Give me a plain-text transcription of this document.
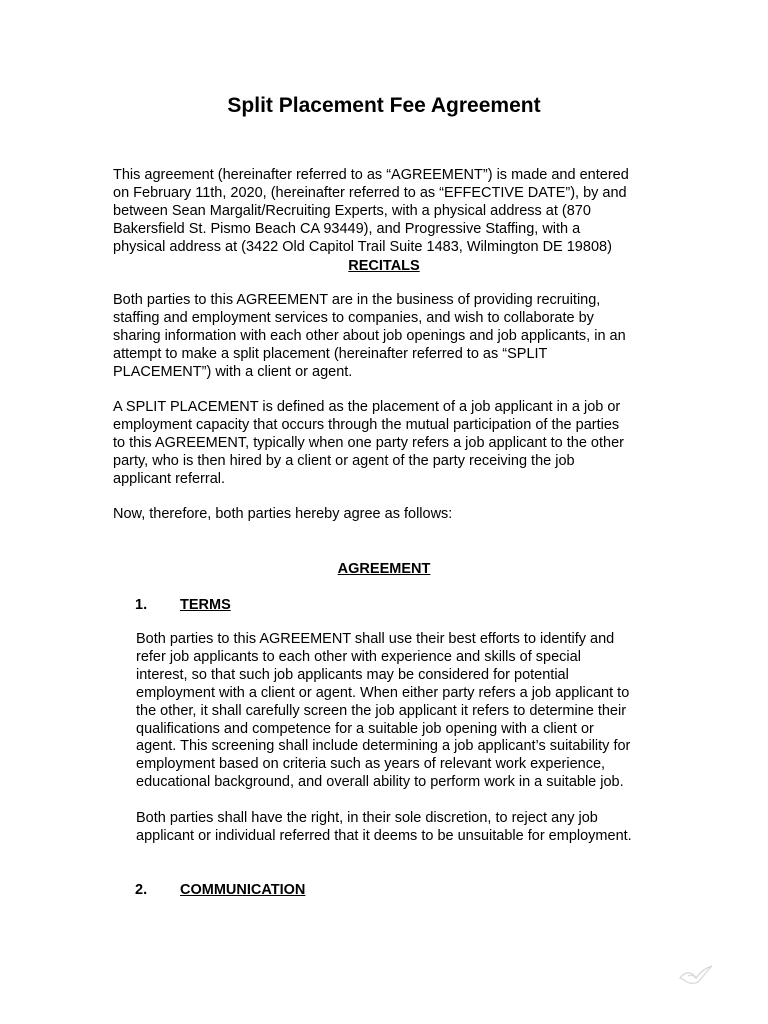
Split Placement Fee Agreement

This agreement (hereinafter referred to as “AGREEMENT”) is made and entered
on February 11th, 2020, (hereinafter referred to as “EFFECTIVE DATE”), by and
between Sean Margalit/Recruiting Experts, with a physical address at (870
Bakersfield St. Pismo Beach CA 93449), and Progressive Staffing, with a
physical address at (3422 Old Capitol Trail Suite 1483, Wilmington DE 19808)

RECITALS

Both parties to this AGREEMENT are in the business of providing recruiting,
staffing and employment services to companies, and wish to collaborate by
sharing information with each other about job openings and job applicants, in an
attempt to make a split placement (hereinafter referred to as “SPLIT
PLACEMENT”) with a client or agent.

A SPLIT PLACEMENT is defined as the placement of a job applicant in a job or
employment capacity that occurs through the mutual participation of the parties
to this AGREEMENT, typically when one party refers a job applicant to the other
party, who is then hired by a client or agent of the party receiving the job
applicant referral.

Now, therefore, both parties hereby agree as follows:

AGREEMENT
1. TERMS

Both parties to this AGREEMENT shall use their best efforts to identify and
refer job applicants to each other with experience and skills of special
interest, so that such job applicants may be considered for potential
employment with a client or agent. When either party refers a job applicant to
the other, it shall carefully screen the job applicant it refers to determine their
qualifications and competence for a suitable job opening with a client or
agent. This screening shall include determining a job applicant’s suitability for
employment based on criteria such as years of relevant work experience,
educational background, and overall ability to perform work in a suitable job.

Both parties shall have the right, in their sole discretion, to reject any job
applicant or individual referred that it deems to be unsuitable for employment.

2. COMMUNICATION
